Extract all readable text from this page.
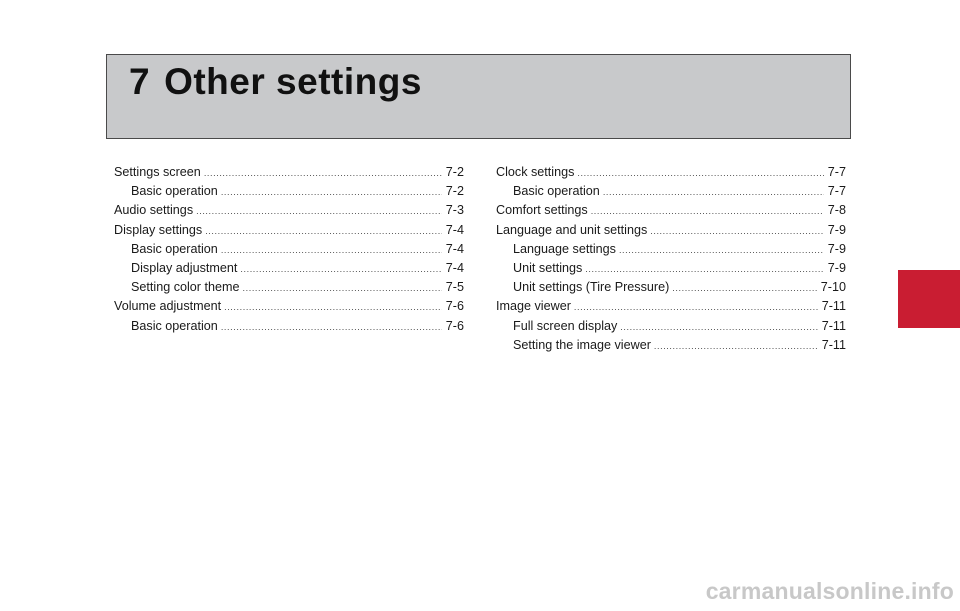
7 Other settings
Settings screen .....	7-2
Basic operation .....	7-2
Audio settings .....	7-3
Display settings .....	7-4
Basic operation .....	7-4
Display adjustment .....	7-4
Setting color theme .....	7-5
Volume adjustment .....	7-6
Basic operation .....	7-6
Clock settings .....	7-7
Basic operation .....	7-7
Comfort settings .....	7-8
Language and unit settings .....	7-9
Language settings .....	7-9
Unit settings .....	7-9
Unit settings (Tire Pressure) .....	7-10
Image viewer .....	7-11
Full screen display .....	7-11
Setting the image viewer .....	7-11
carmanualsonline.info
